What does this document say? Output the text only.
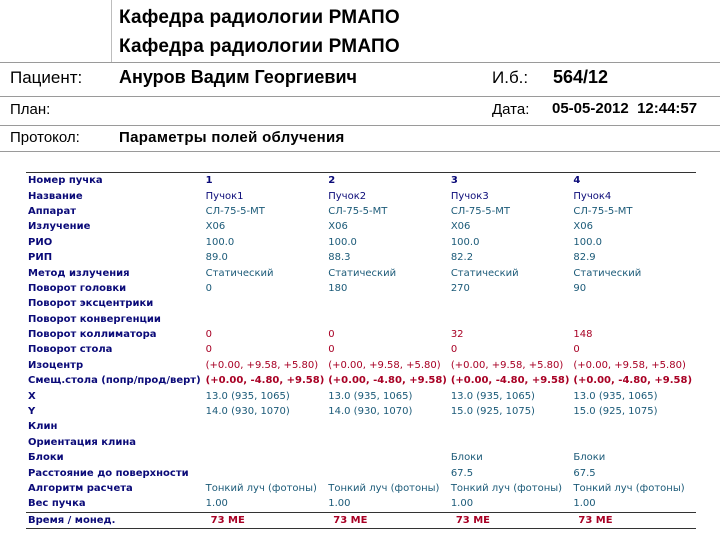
Кафедра радиологии РМАПО
Кафедра радиологии РМАПО
Пациент: Ануров Вадим Георгиевич	И.б.: 564/12
План:	Дата: 05-05-2012  12:44:57
Протокол:	Параметры полей облучения
Номер пучка	1	2	3	4
Название	Пучок1	Пучок2	Пучок3	Пучок4
Аппарат	СЛ-75-5-МТ	СЛ-75-5-МТ	СЛ-75-5-МТ	СЛ-75-5-МТ
Излучение	X06	X06	X06	X06
РИО	100.0	100.0	100.0	100.0
РИП	89.0	88.3	82.2	82.9
Метод излучения	Статический	Статический	Статический	Статический
Поворот головки	0	180	270	90
Поворот эксцентрики				
Поворот конвергенции				
Поворот коллиматора	0	0	32	148
Поворот стола	0	0	0	0
Изоцентр	(+0.00, +9.58, +5.80)	(+0.00, +9.58, +5.80)	(+0.00, +9.58, +5.80)	(+0.00, +9.58, +5.80)
Смещ.стола (попр/прод/верт)	(+0.00, -4.80, +9.58)	(+0.00, -4.80, +9.58)	(+0.00, -4.80, +9.58)	(+0.00, -4.80, +9.58)
X	13.0 (935, 1065)	13.0 (935, 1065)	13.0 (935, 1065)	13.0 (935, 1065)
Y	14.0 (930, 1070)	14.0 (930, 1070)	15.0 (925, 1075)	15.0 (925, 1075)
Клин				
Ориентация клина				
Блоки			Блоки	Блоки
Расстояние до поверхности			67.5	67.5
Алгоритм расчета	Тонкий луч (фотоны)	Тонкий луч (фотоны)	Тонкий луч (фотоны)	Тонкий луч (фотоны)
Вес пучка	1.00	1.00	1.00	1.00
Время / монед.	73 МЕ	73 МЕ	73 МЕ	73 МЕ
